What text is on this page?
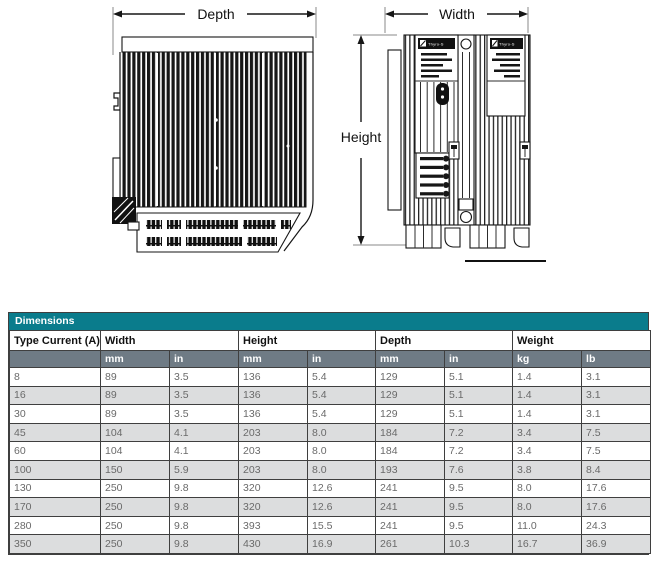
Depth	Width
Height
Thyro-S	Thyro-S
Dimensions
Type Current (A)	Width		Height		Depth		Weight	
	mm	in	mm	in	mm	in	kg	lb
8	89	3.5	136	5.4	129	5.1	1.4	3.1
16	89	3.5	136	5.4	129	5.1	1.4	3.1
30	89	3.5	136	5.4	129	5.1	1.4	3.1
45	104	4.1	203	8.0	184	7.2	3.4	7.5
60	104	4.1	203	8.0	184	7.2	3.4	7.5
100	150	5.9	203	8.0	193	7.6	3.8	8.4
130	250	9.8	320	12.6	241	9.5	8.0	17.6
170	250	9.8	320	12.6	241	9.5	8.0	17.6
280	250	9.8	393	15.5	241	9.5	11.0	24.3
350	250	9.8	430	16.9	261	10.3	16.7	36.9
